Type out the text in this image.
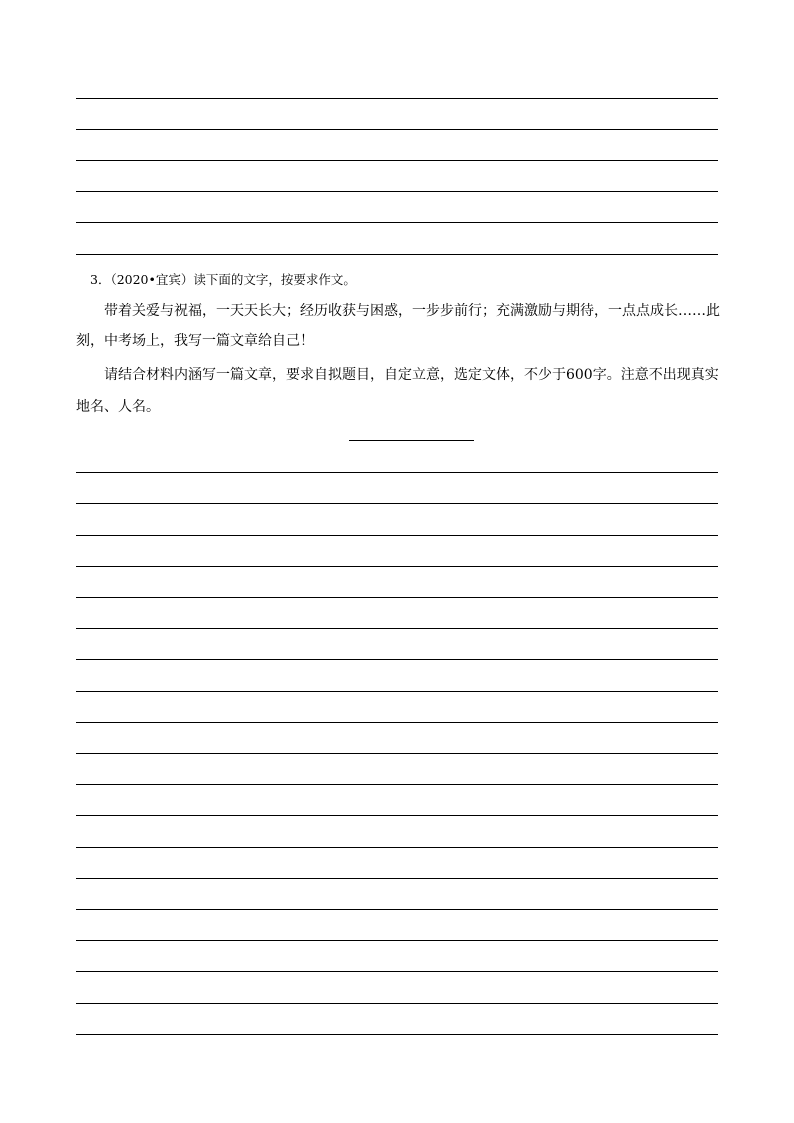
3．（2020•宜宾）读下面的文字，按要求作文。
带着关爱与祝福，一天天长大；经历收获与困惑，一步步前行；充满激励与期待，一点点成长……此
刻，中考场上，我写一篇文章给自己！
请结合材料内涵写一篇文章，要求自拟题目，自定立意，选定文体，不少于600字。注意不出现真实
地名、人名。
